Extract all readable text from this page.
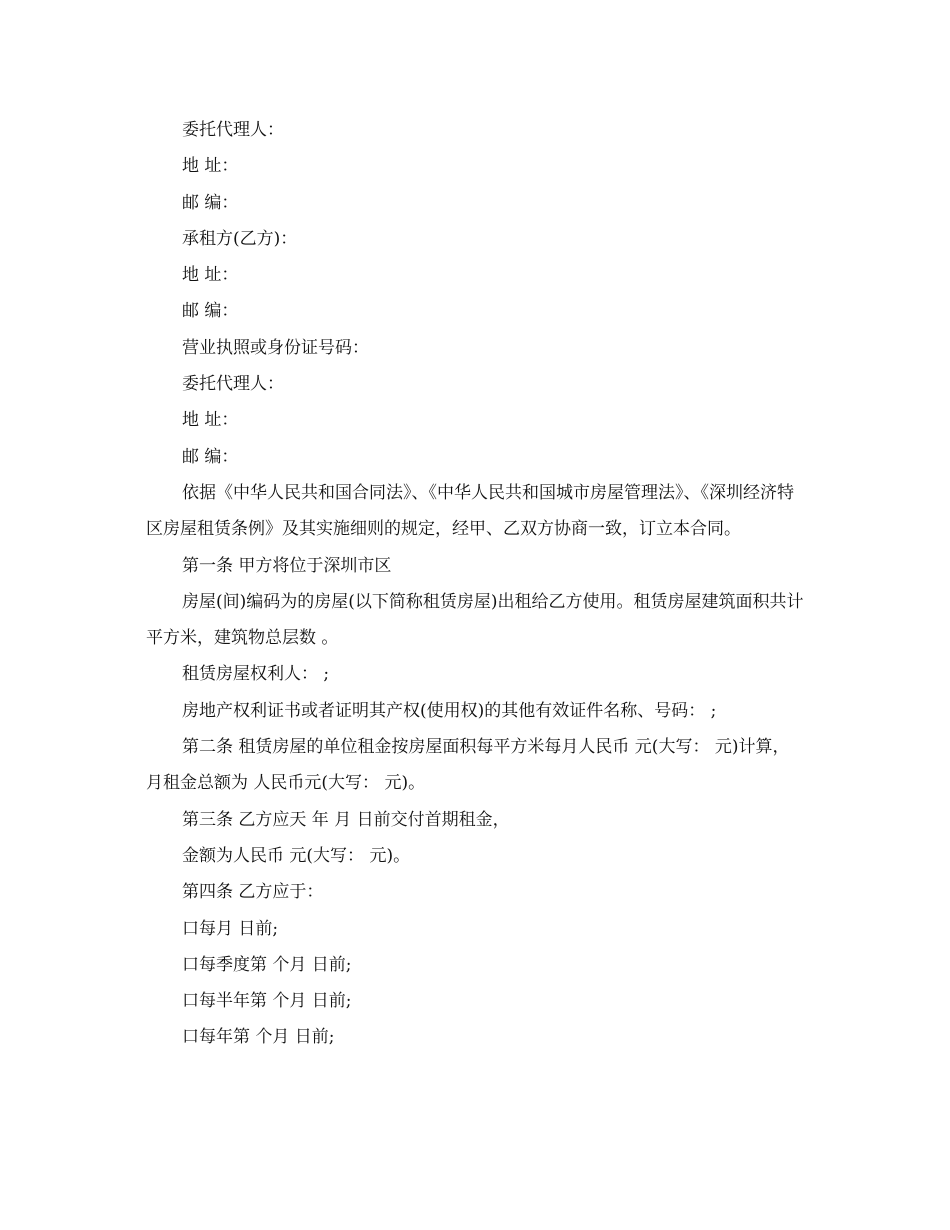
委托代理人：

地 址：

邮 编：

承租方(乙方)：

地 址：

邮 编：

营业执照或身份证号码：

委托代理人：

地 址：

邮 编：

依据《中华人民共和国合同法》、《中华人民共和国城市房屋管理法》、《深圳经济特区房屋租赁条例》及其实施细则的规定，经甲、乙双方协商一致，订立本合同。

第一条 甲方将位于深圳市区

房屋(间)编码为的房屋(以下简称租赁房屋)出租给乙方使用。租赁房屋建筑面积共计 平方米，建筑物总层数 。

租赁房屋权利人： ;

房地产权利证书或者证明其产权(使用权)的其他有效证件名称、号码： ;

第二条 租赁房屋的单位租金按房屋面积每平方米每月人民币 元(大写： 元)计算，月租金总额为 人民币元(大写： 元)。

第三条 乙方应天 年 月 日前交付首期租金，

金额为人民币 元(大写： 元)。

第四条 乙方应于：

口每月 日前;

口每季度第 个月 日前;

口每半年第 个月 日前;

口每年第 个月 日前;
